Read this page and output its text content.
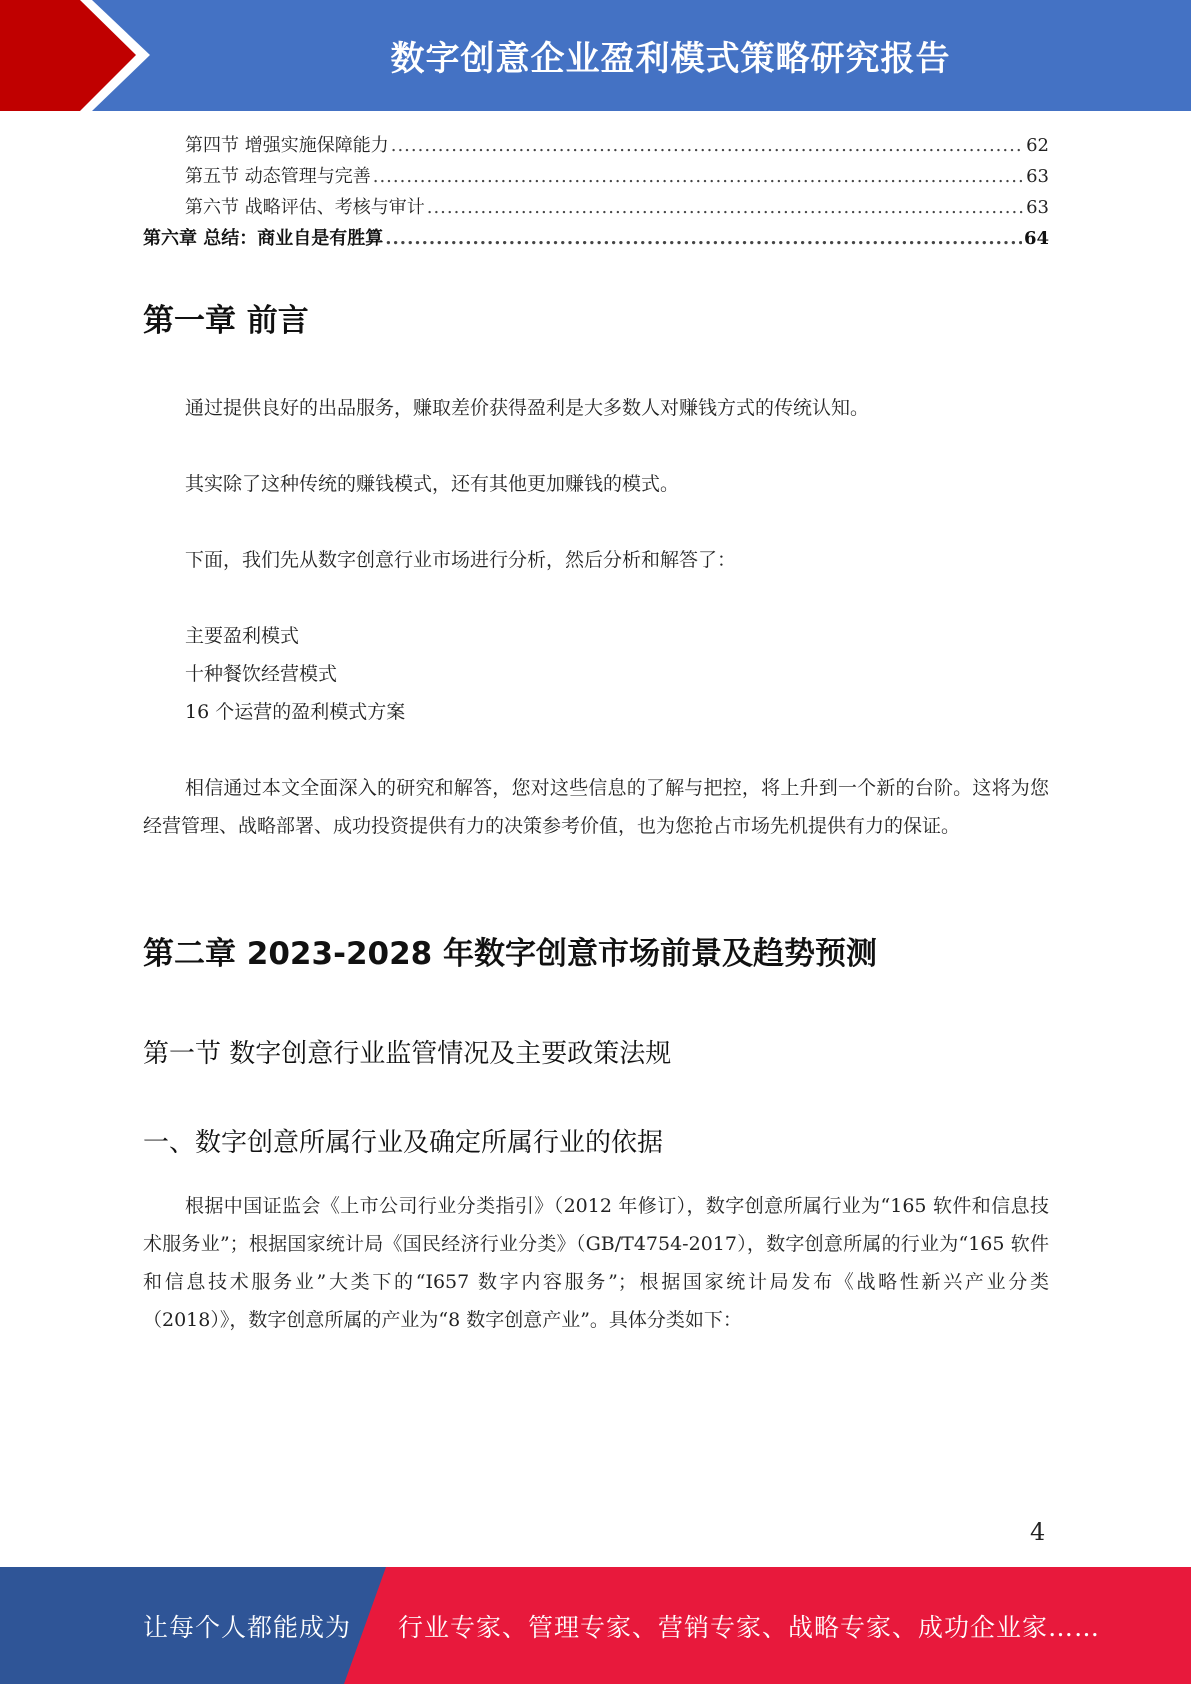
数字创意企业盈利模式策略研究报告
第四节 增强实施保障能力 .....	62
第五节 动态管理与完善 .....	63
第六节 战略评估、考核与审计 .....	63
第六章 总结：商业自是有胜算 .....	64
第一章 前言
通过提供良好的出品服务，赚取差价获得盈利是大多数人对赚钱方式的传统认知。
其实除了这种传统的赚钱模式，还有其他更加赚钱的模式。
下面，我们先从数字创意行业市场进行分析，然后分析和解答了：
主要盈利模式
十种餐饮经营模式
16 个运营的盈利模式方案
相信通过本文全面深入的研究和解答，您对这些信息的了解与把控，将上升到一个新的台阶。这将为您经营管理、战略部署、成功投资提供有力的决策参考价值，也为您抢占市场先机提供有力的保证。
第二章 2023-2028 年数字创意市场前景及趋势预测
第一节 数字创意行业监管情况及主要政策法规
一、数字创意所属行业及确定所属行业的依据
根据中国证监会《上市公司行业分类指引》（2012 年修订），数字创意所属行业为“165 软件和信息技术服务业”；根据国家统计局《国民经济行业分类》（GB/T4754-2017），数字创意所属的行业为“165 软件和信息技术服务业”大类下的“I657 数字内容服务”；根据国家统计局发布《战略性新兴产业分类（2018）》，数字创意所属的产业为“8 数字创意产业”。具体分类如下：
4
让每个人都能成为 行业专家、管理专家、营销专家、战略专家、成功企业家……
